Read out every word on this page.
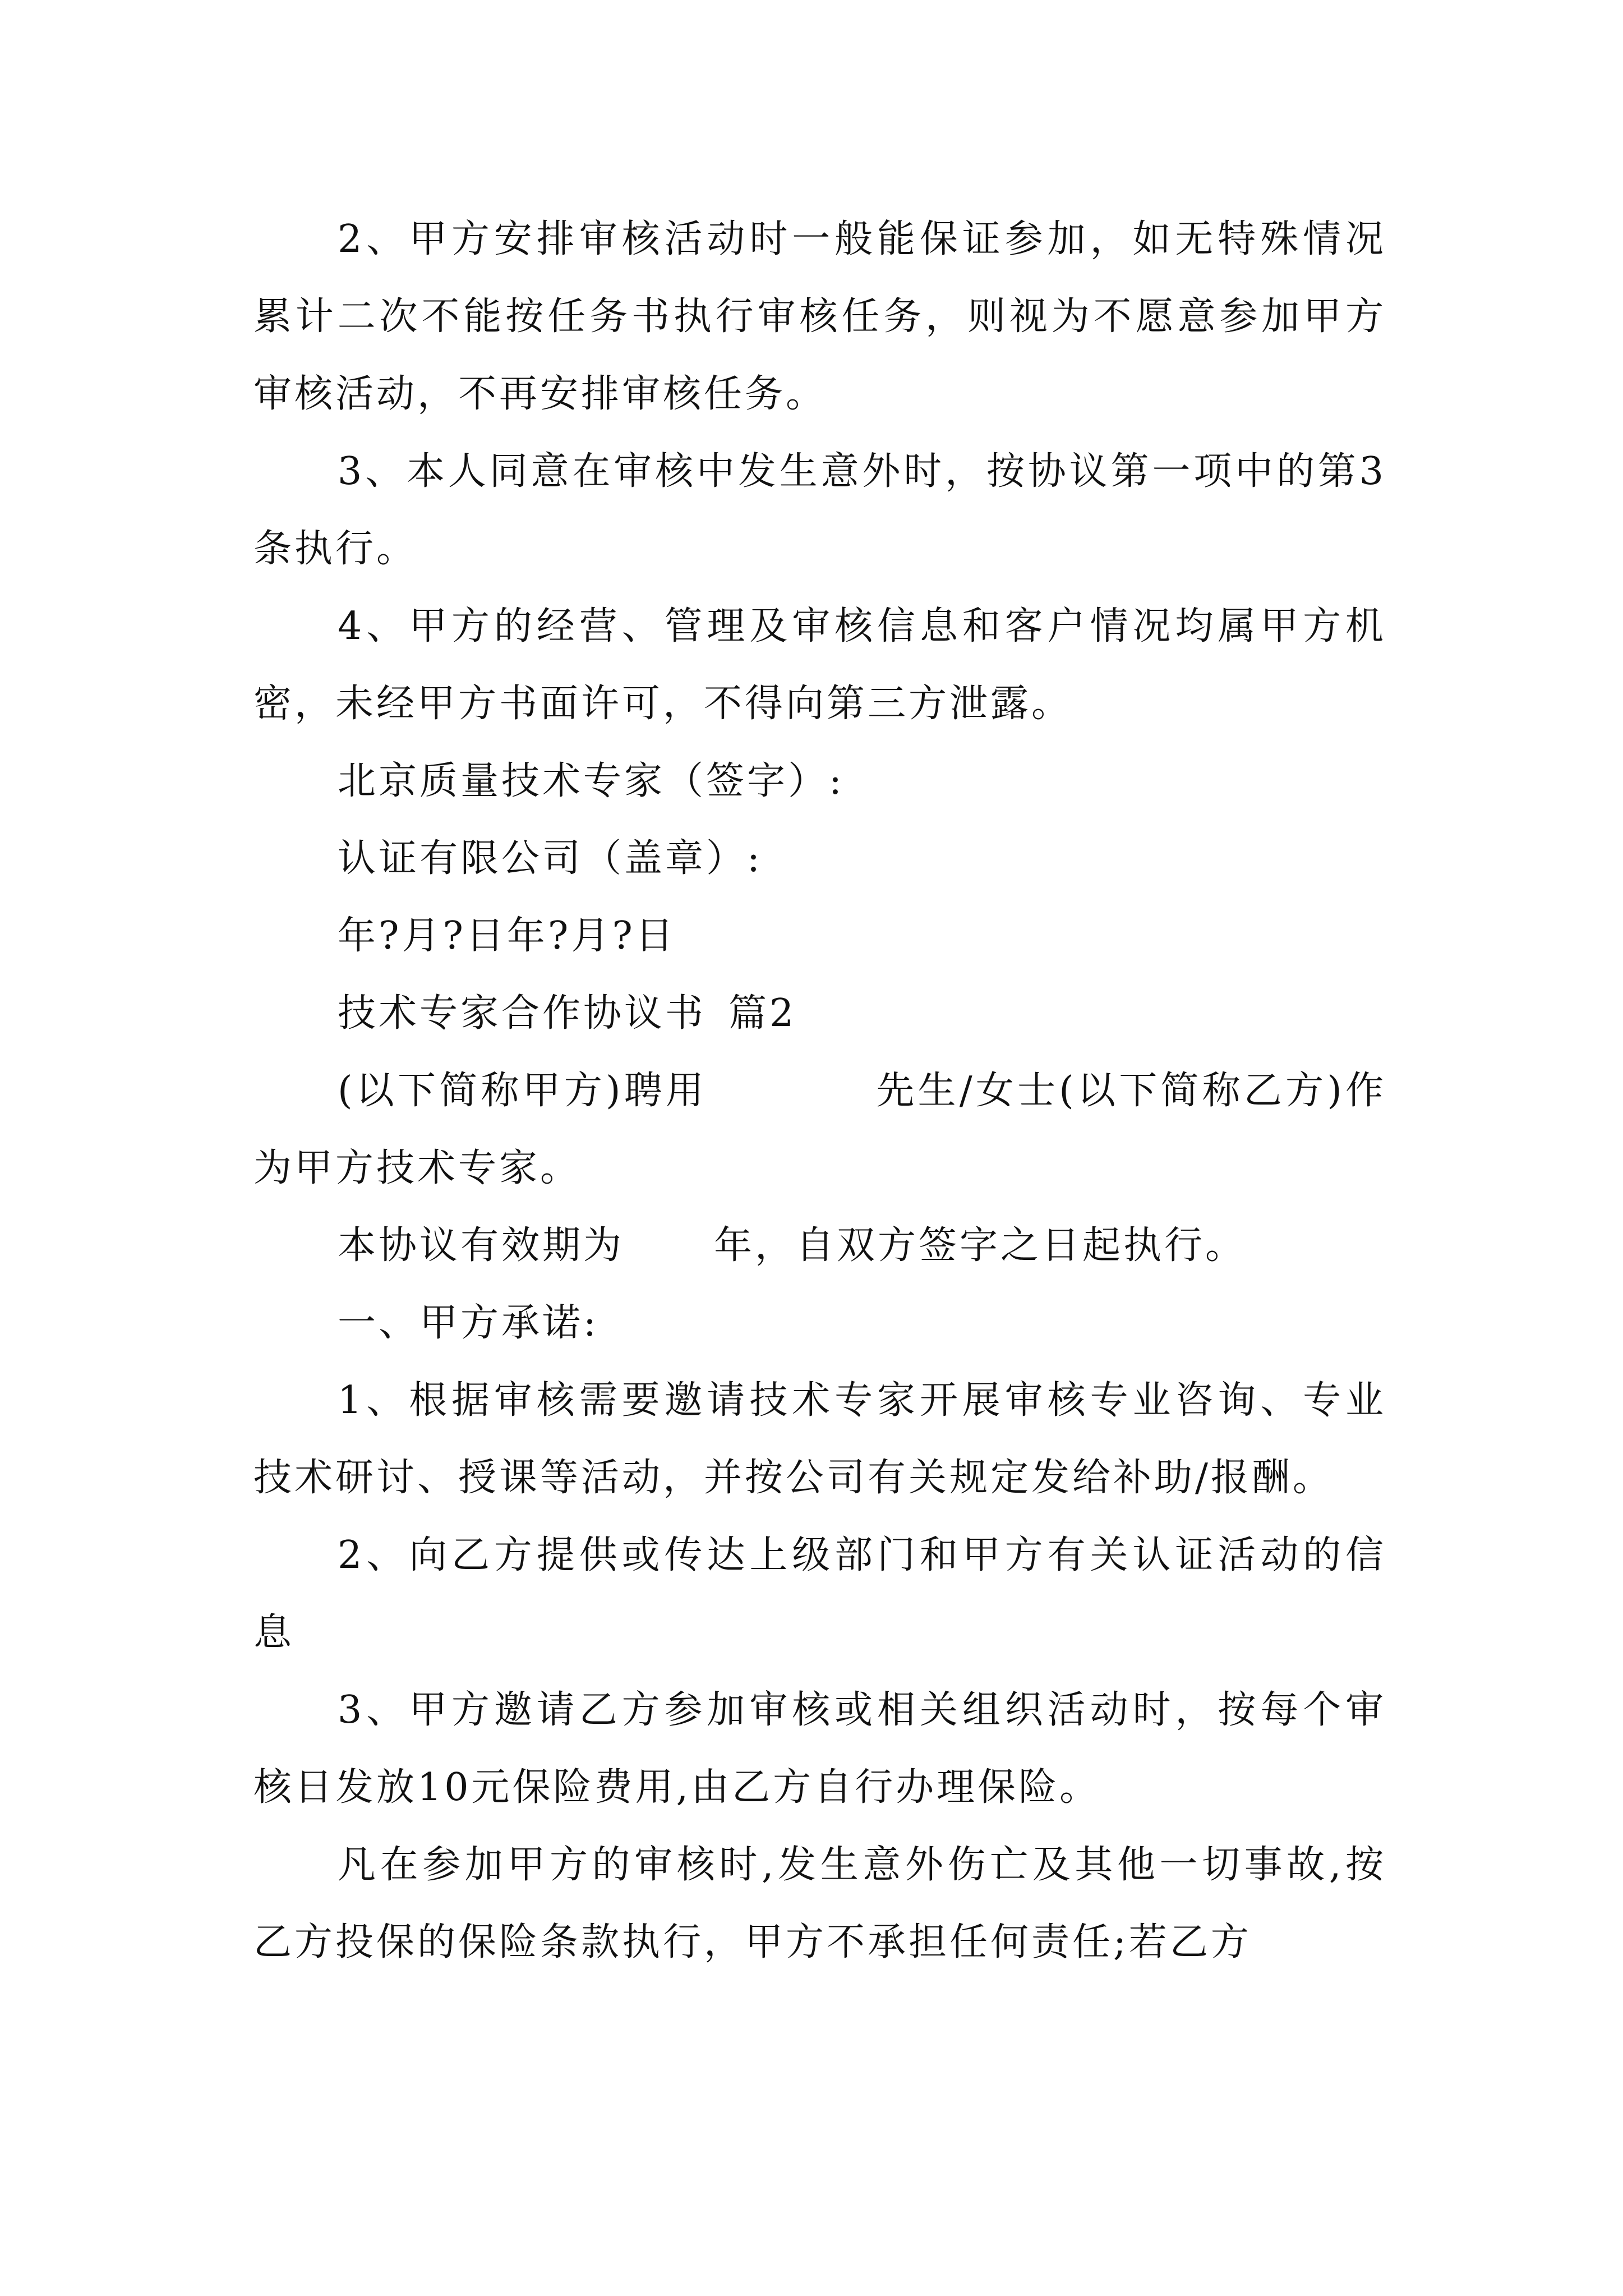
2、甲方安排审核活动时一般能保证参加，如无特殊情况累计二次不能按任务书执行审核任务，则视为不愿意参加甲方审核活动，不再安排审核任务。

3、本人同意在审核中发生意外时，按协议第一项中的第3条执行。

4、甲方的经营、管理及审核信息和客户情况均属甲方机密，未经甲方书面许可，不得向第三方泄露。

北京质量技术专家（签字）:

认证有限公司（盖章）:

年?月?日年?月?日

技术专家合作协议书 篇2

(以下简称甲方)聘用	先生/女士(以下简称乙方)作为甲方技术专家。

本协议有效期为 年，自双方签字之日起执行。

一、甲方承诺:

1、根据审核需要邀请技术专家开展审核专业咨询、专业技术研讨、授课等活动，并按公司有关规定发给补助/报酬。

2、向乙方提供或传达上级部门和甲方有关认证活动的信息

3、甲方邀请乙方参加审核或相关组织活动时，按每个审核日发放10元保险费用,由乙方自行办理保险。

凡在参加甲方的审核时,发生意外伤亡及其他一切事故,按乙方投保的保险条款执行，甲方不承担任何责任;若乙方
